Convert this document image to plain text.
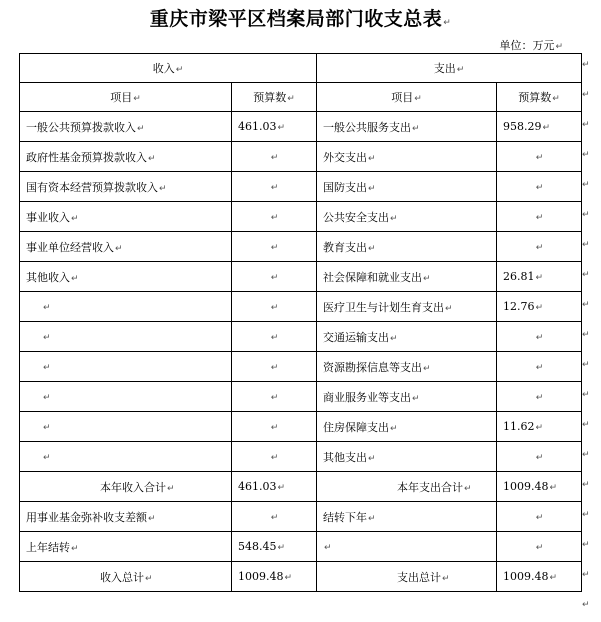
重庆市梁平区档案局部门收支总表↵
单位：万元↵
收入↵		支出↵	
项目↵	预算数↵	项目↵	预算数↵
一般公共预算拨款收入↵	461.03↵	一般公共服务支出↵	958.29↵
政府性基金预算拨款收入↵	↵	外交支出↵	↵
国有资本经营预算拨款收入↵	↵	国防支出↵	↵
事业收入↵	↵	公共安全支出↵	↵
事业单位经营收入↵	↵	教育支出↵	↵
其他收入↵	↵	社会保障和就业支出↵	26.81↵
↵	↵	医疗卫生与计划生育支出↵	12.76↵
↵	↵	交通运输支出↵	↵
↵	↵	资源勘探信息等支出↵	↵
↵	↵	商业服务业等支出↵	↵
↵	↵	住房保障支出↵	11.62↵
↵	↵	其他支出↵	↵
本年收入合计↵	461.03↵	本年支出合计↵	1009.48↵
用事业基金弥补收支差额↵	↵	结转下年↵	↵
上年结转↵	548.45↵	↵	↵
收入总计↵	1009.48↵	支出总计↵	1009.48↵
↵
↵
↵
↵
↵
↵
↵
↵
↵
↵
↵
↵
↵
↵
↵
↵
↵
↵
↵
